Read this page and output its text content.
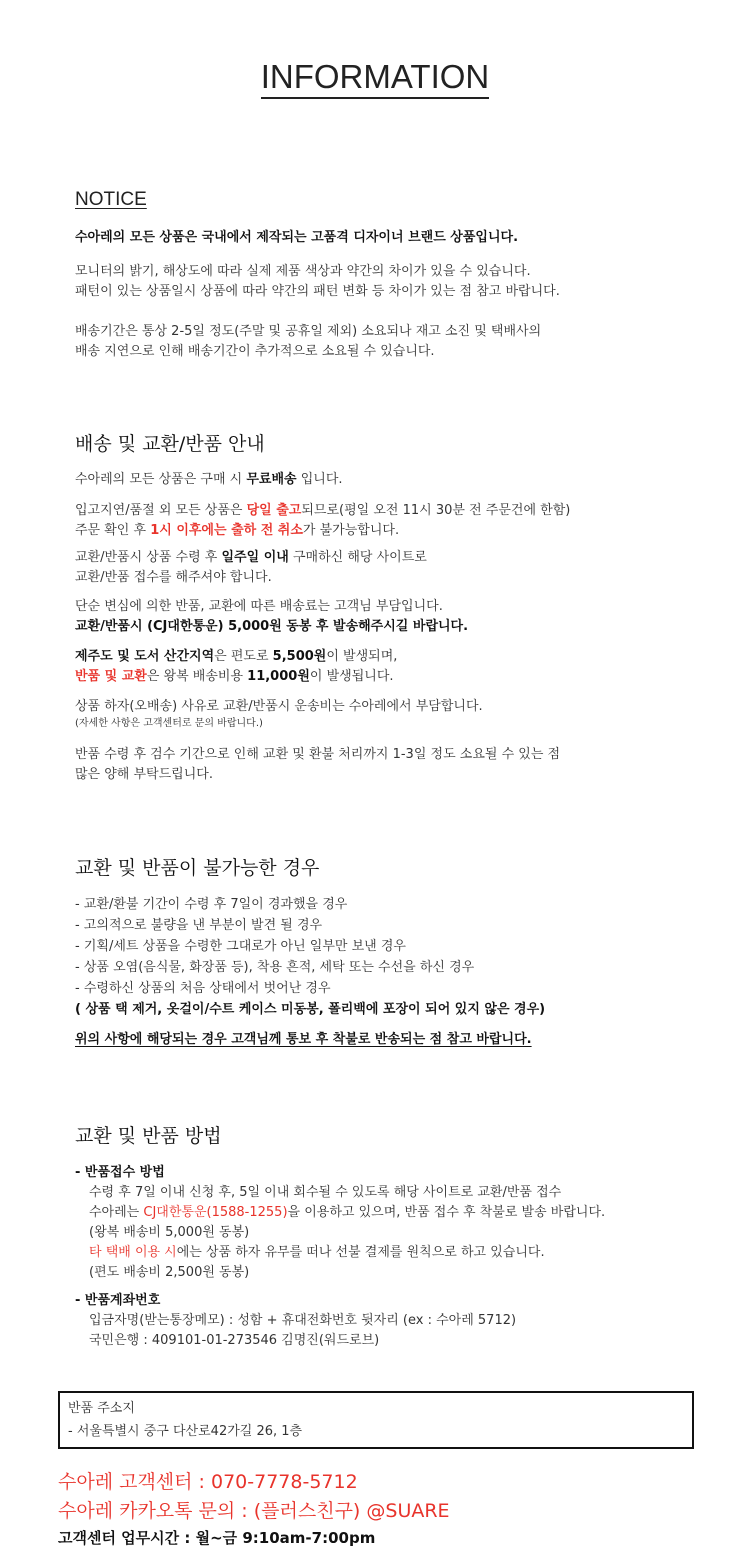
INFORMATION
NOTICE
수아레의 모든 상품은 국내에서 제작되는 고품격 디자이너 브랜드 상품입니다.
모니터의 밝기, 해상도에 따라 실제 제품 색상과 약간의 차이가 있을 수 있습니다.
패턴이 있는 상품일시 상품에 따라 약간의 패턴 변화 등 차이가 있는 점 참고 바랍니다.
배송기간은 통상 2-5일 정도(주말 및 공휴일 제외) 소요되나 재고 소진 및 택배사의
배송 지연으로 인해 배송기간이 추가적으로 소요될 수 있습니다.
배송 및 교환/반품 안내
수아레의 모든 상품은 구매 시 무료배송 입니다.
입고지연/품절 외 모든 상품은 당일 출고되므로(평일 오전 11시 30분 전 주문건에 한함)
주문 확인 후 1시 이후에는 출하 전 취소가 불가능합니다.
교환/반품시 상품 수령 후 일주일 이내 구매하신 해당 사이트로
교환/반품 접수를 해주셔야 합니다.
단순 변심에 의한 반품, 교환에 따른 배송료는 고객님 부담입니다.
교환/반품시 (CJ대한통운) 5,000원 동봉 후 발송해주시길 바랍니다.
제주도 및 도서 산간지역은 편도로 5,500원이 발생되며,
반품 및 교환은 왕복 배송비용 11,000원이 발생됩니다.
상품 하자(오배송) 사유로 교환/반품시 운송비는 수아레에서 부담합니다.
(자세한 사항은 고객센터로 문의 바랍니다.)
반품 수령 후 검수 기간으로 인해 교환 및 환불 처리까지 1-3일 정도 소요될 수 있는 점
많은 양해 부탁드립니다.
교환 및 반품이 불가능한 경우
- 교환/환불 기간이 수령 후 7일이 경과했을 경우
- 고의적으로 불량을 낸 부분이 발견 될 경우
- 기획/세트 상품을 수령한 그대로가 아닌 일부만 보낸 경우
- 상품 오염(음식물, 화장품 등), 착용 흔적, 세탁 또는 수선을 하신 경우
- 수령하신 상품의 처음 상태에서 벗어난 경우
( 상품 택 제거, 옷걸이/수트 케이스 미동봉, 폴리백에 포장이 되어 있지 않은 경우)
위의 사항에 해당되는 경우 고객님께 통보 후 착불로 반송되는 점 참고 바랍니다.
교환 및 반품 방법
- 반품접수 방법
수령 후 7일 이내 신청 후, 5일 이내 회수될 수 있도록 해당 사이트로 교환/반품 접수
수아레는 CJ대한통운(1588-1255)을 이용하고 있으며, 반품 접수 후 착불로 발송 바랍니다.
(왕복 배송비 5,000원 동봉)
타 택배 이용 시에는 상품 하자 유무를 떠나 선불 결제를 원칙으로 하고 있습니다.
(편도 배송비 2,500원 동봉)
- 반품계좌번호
입금자명(받는통장메모) : 성함 + 휴대전화번호 뒷자리 (ex : 수아레 5712)
국민은행 : 409101-01-273546 김명진(워드로브)
반품 주소지
- 서울특별시 중구 다산로42가길 26, 1층
수아레 고객센터 : 070-7778-5712
수아레 카카오톡 문의 : (플러스친구) @SUARE
고객센터 업무시간 : 월~금 9:10am-7:00pm
